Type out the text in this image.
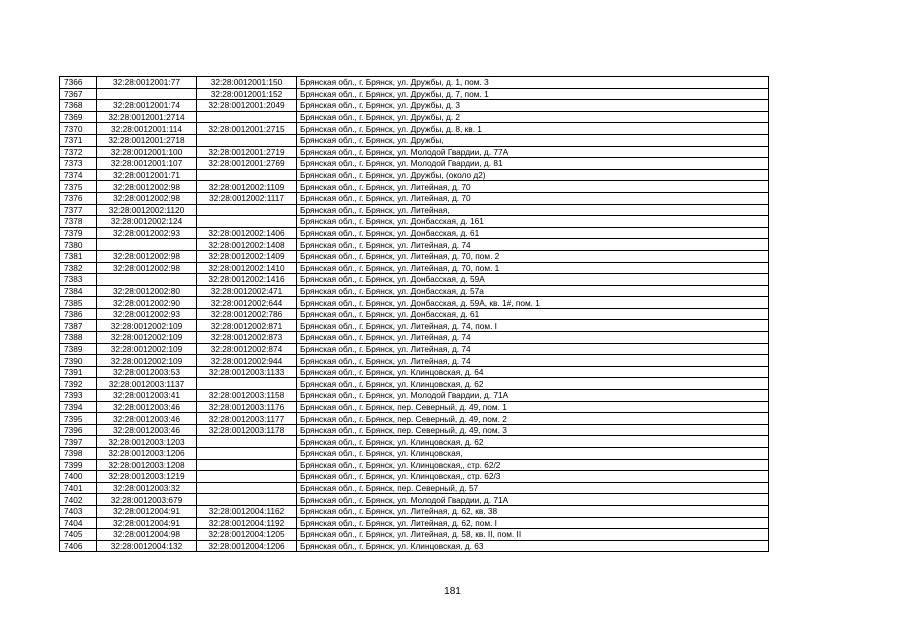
7366	32:28:0012001:77	32:28:0012001:150	Брянская обл., г. Брянск, ул. Дружбы, д. 1, пом. 3
7367		32:28:0012001:152	Брянская обл., г. Брянск, ул. Дружбы, д. 7, пом. 1
7368	32:28:0012001:74	32:28:0012001:2049	Брянская обл., г. Брянск, ул. Дружбы, д. 3
7369	32:28:0012001:2714		Брянская обл., г. Брянск, ул. Дружбы, д. 2
7370	32:28:0012001:114	32:28:0012001:2715	Брянская обл., г. Брянск, ул. Дружбы, д. 8, кв. 1
7371	32:28:0012001:2718		Брянская обл., г. Брянск, ул. Дружбы,
7372	32:28:0012001:100	32:28:0012001:2719	Брянская обл., г. Брянск, ул. Молодой Гвардии, д. 77А
7373	32:28:0012001:107	32:28:0012001:2769	Брянская обл., г. Брянск, ул. Молодой Гвардии, д. 81
7374	32:28:0012001:71		Брянская обл., г. Брянск, ул. Дружбы, (около д2)
7375	32:28:0012002:98	32:28:0012002:1109	Брянская обл., г. Брянск, ул. Литейная, д. 70
7376	32:28:0012002:98	32:28:0012002:1117	Брянская обл., г. Брянск, ул. Литейная, д. 70
7377	32:28:0012002:1120		Брянская обл., г. Брянск, ул. Литейная,
7378	32:28:0012002:124		Брянская обл., г. Брянск, ул. Донбасская, д. 161
7379	32:28:0012002:93	32:28:0012002:1406	Брянская обл., г. Брянск, ул. Донбасская, д. 61
7380		32:28:0012002:1408	Брянская обл., г. Брянск, ул. Литейная, д. 74
7381	32:28:0012002:98	32:28:0012002:1409	Брянская обл., г. Брянск, ул. Литейная, д. 70, пом. 2
7382	32:28:0012002:98	32:28:0012002:1410	Брянская обл., г. Брянск, ул. Литейная, д. 70, пом. 1
7383		32:28:0012002:1416	Брянская обл., г. Брянск, ул. Донбасская, д. 59А
7384	32:28:0012002:80	32:28:0012002:471	Брянская обл., г. Брянск, ул. Донбасская, д. 57а
7385	32:28:0012002:90	32:28:0012002:644	Брянская обл., г. Брянск, ул. Донбасская, д. 59А, кв. 1#, пом. 1
7386	32:28:0012002:93	32:28:0012002:786	Брянская обл., г. Брянск, ул. Донбасская, д. 61
7387	32:28:0012002:109	32:28:0012002:871	Брянская обл., г. Брянск, ул. Литейная, д. 74, пом. I
7388	32:28:0012002:109	32:28:0012002:873	Брянская обл., г. Брянск, ул. Литейная, д. 74
7389	32:28:0012002:109	32:28:0012002:874	Брянская обл., г. Брянск, ул. Литейная, д. 74
7390	32:28:0012002:109	32:28:0012002:944	Брянская обл., г. Брянск, ул. Литейная, д. 74
7391	32:28:0012003:53	32:28:0012003:1133	Брянская обл., г. Брянск, ул. Клинцовская, д. 64
7392	32:28:0012003:1137		Брянская обл., г. Брянск, ул. Клинцовская, д. 62
7393	32:28:0012003:41	32:28:0012003:1158	Брянская обл., г. Брянск, ул. Молодой Гвардии, д. 71А
7394	32:28:0012003:46	32:28:0012003:1176	Брянская обл., г. Брянск, пер. Северный, д. 49, пом. 1
7395	32:28:0012003:46	32:28:0012003:1177	Брянская обл., г. Брянск, пер. Северный, д. 49, пом. 2
7396	32:28:0012003:46	32:28:0012003:1178	Брянская обл., г. Брянск, пер. Северный, д. 49, пом. 3
7397	32:28:0012003:1203		Брянская обл., г. Брянск, ул. Клинцовская, д. 62
7398	32:28:0012003:1206		Брянская обл., г. Брянск, ул. Клинцовская,
7399	32:28:0012003:1208		Брянская обл., г. Брянск, ул. Клинцовская,, стр. 62/2
7400	32:28:0012003:1219		Брянская обл., г. Брянск, ул. Клинцовская,, стр. 62/3
7401	32:28:0012003:32		Брянская обл., г. Брянск, пер. Северный, д. 57
7402	32:28:0012003:679		Брянская обл., г. Брянск, ул. Молодой Гвардии, д. 71А
7403	32:28:0012004:91	32:28:0012004:1162	Брянская обл., г. Брянск, ул. Литейная, д. 62, кв. 38
7404	32:28:0012004:91	32:28:0012004:1192	Брянская обл., г. Брянск, ул. Литейная, д. 62, пом. I
7405	32:28:0012004:98	32:28:0012004:1205	Брянская обл., г. Брянск, ул. Литейная, д. 58, кв. II, пом. II
7406	32:28:0012004:132	32:28:0012004:1206	Брянская обл., г. Брянск, ул. Клинцовская, д. 63
181
